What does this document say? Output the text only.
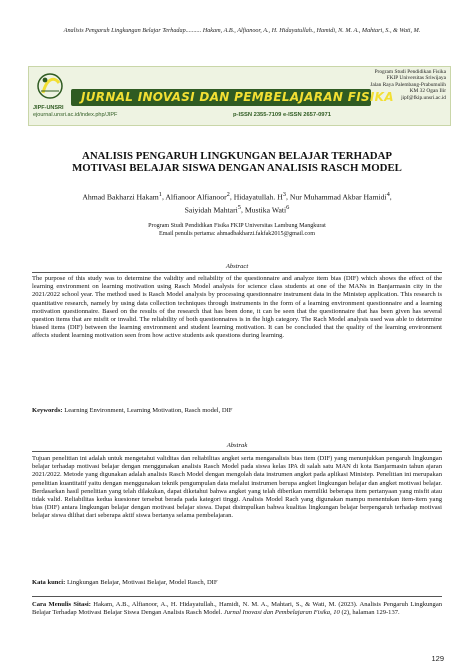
Analisis Pengaruh Lingkungan Belajar Terhadap.......... Hakam, A.B., Alfianoor, A., H. Hidayatullah., Hamidi, N. M. A., Mahtari, S., & Wati, M.
JURNAL INOVASI DAN PEMBELAJARAN FISIKA
JIPF-UNSRI
ejournal.unsri.ac.id/index.php/JIPF	p-ISSN 2355-7109 e-ISSN 2657-0971
Program Studi Pendidikan Fisika
FKIP Universitas Sriwijaya
Jalan Raya Palembang-Prabumulih
KM 32 Ogan Ilir
jipf@fkip.unsri.ac.id
ANALISIS PENGARUH LINGKUNGAN BELAJAR TERHADAP
MOTIVASI BELAJAR SISWA DENGAN ANALISIS RASCH MODEL
Ahmad Bakharzi Hakam$^1$, Alfianoor Alfianoor$^2$, Hidayatullah. $H^3$, Nur Muhammad Akbar Hamidi$^4$,
Saiyidah Mahtari$^5$, Mustika Wati$^6$
Program Studi Pendidikan Fisika FKIP Universitas Lambung Mangkurat
Email penulis pertama: ahmadbakharzi.fakfak2015@gmail.com
Abstract
The purpose of this study was to determine the validity and reliability of the questionnaire and analyze item bias (DIF) which shows the effect of the learning environment on learning motivation using Rasch Model analysis for science class students at one of the MANs in Banjarmasin city in the 2021/2022 school year. The method used is Rasch Model analysis by processing questionnaire instrument data in the Ministep application. This research is quantitative research, namely by using data collection techniques through instruments in the form of a learning environment questionnaire and a learning motivation questionnaire. Based on the results of the research that has been done, it can be seen that the questionnaire that has been given has several question items that are misfit or invalid. The reliability of both questionnaires is in the high category. The Rach Model analysis used was able to determine biased items (DIF) between the learning environment and student learning motivation. It can be concluded that the quality of the learning environment affects student learning motivation seen from how active students ask questions during learning.
Keywords: Learning Environment, Learning Motivation, Rasch model, DIF
Abstrak
Tujuan penelitian ini adalah untuk mengetahui validitas dan reliabilitas angket serta menganalisis bias item (DIF) yang menunjukkan pengaruh lingkungan belajar terhadap motivasi belajar dengan menggunakan analisis Rasch Model pada siswa kelas IPA di salah satu MAN di kota Banjarmasin tahun ajaran 2021/2022. Metode yang digunakan adalah analisis Rasch Model dengan mengolah data instrumen angket pada aplikasi Ministep. Penelitian ini merupakan penelitian kuantitatif yaitu dengan menggunakan teknik pengumpulan data melalui instrumen berupa angket lingkungan belajar dan angket motivasi belajar. Berdasarkan hasil penelitian yang telah dilakukan, dapat diketahui bahwa angket yang telah diberikan memiliki beberapa item pertanyaan yang misfit atau tidak valid. Reliabilitas kedua kuesioner tersebut berada pada kategori tinggi. Analisis Model Rach yang digunakan mampu menentukan item-item yang bias (DIF) antara lingkungan belajar dengan motivasi belajar siswa. Dapat disimpulkan bahwa kualitas lingkungan belajar berpengaruh terhadap motivasi belajar siswa dilihat dari seberapa aktif siswa bertanya selama pembelajaran.
Kata kunci: Lingkungan Belajar, Motivasi Belajar, Model Rasch, DIF
Cara Menulis Sitasi: Hakam, A.B., Alfianoor, A., H. Hidayatullah., Hamidi, N. M. A., Mahtari, S., & Wati, M. (2023). Analisis Pengaruh Lingkungan Belajar Terhadap Motivasi Belajar Siswa Dengan Analisis Rasch Model. Jurnal Inovasi dan Pembelajaran Fisika, 10 (2), halaman 129-137.
129
